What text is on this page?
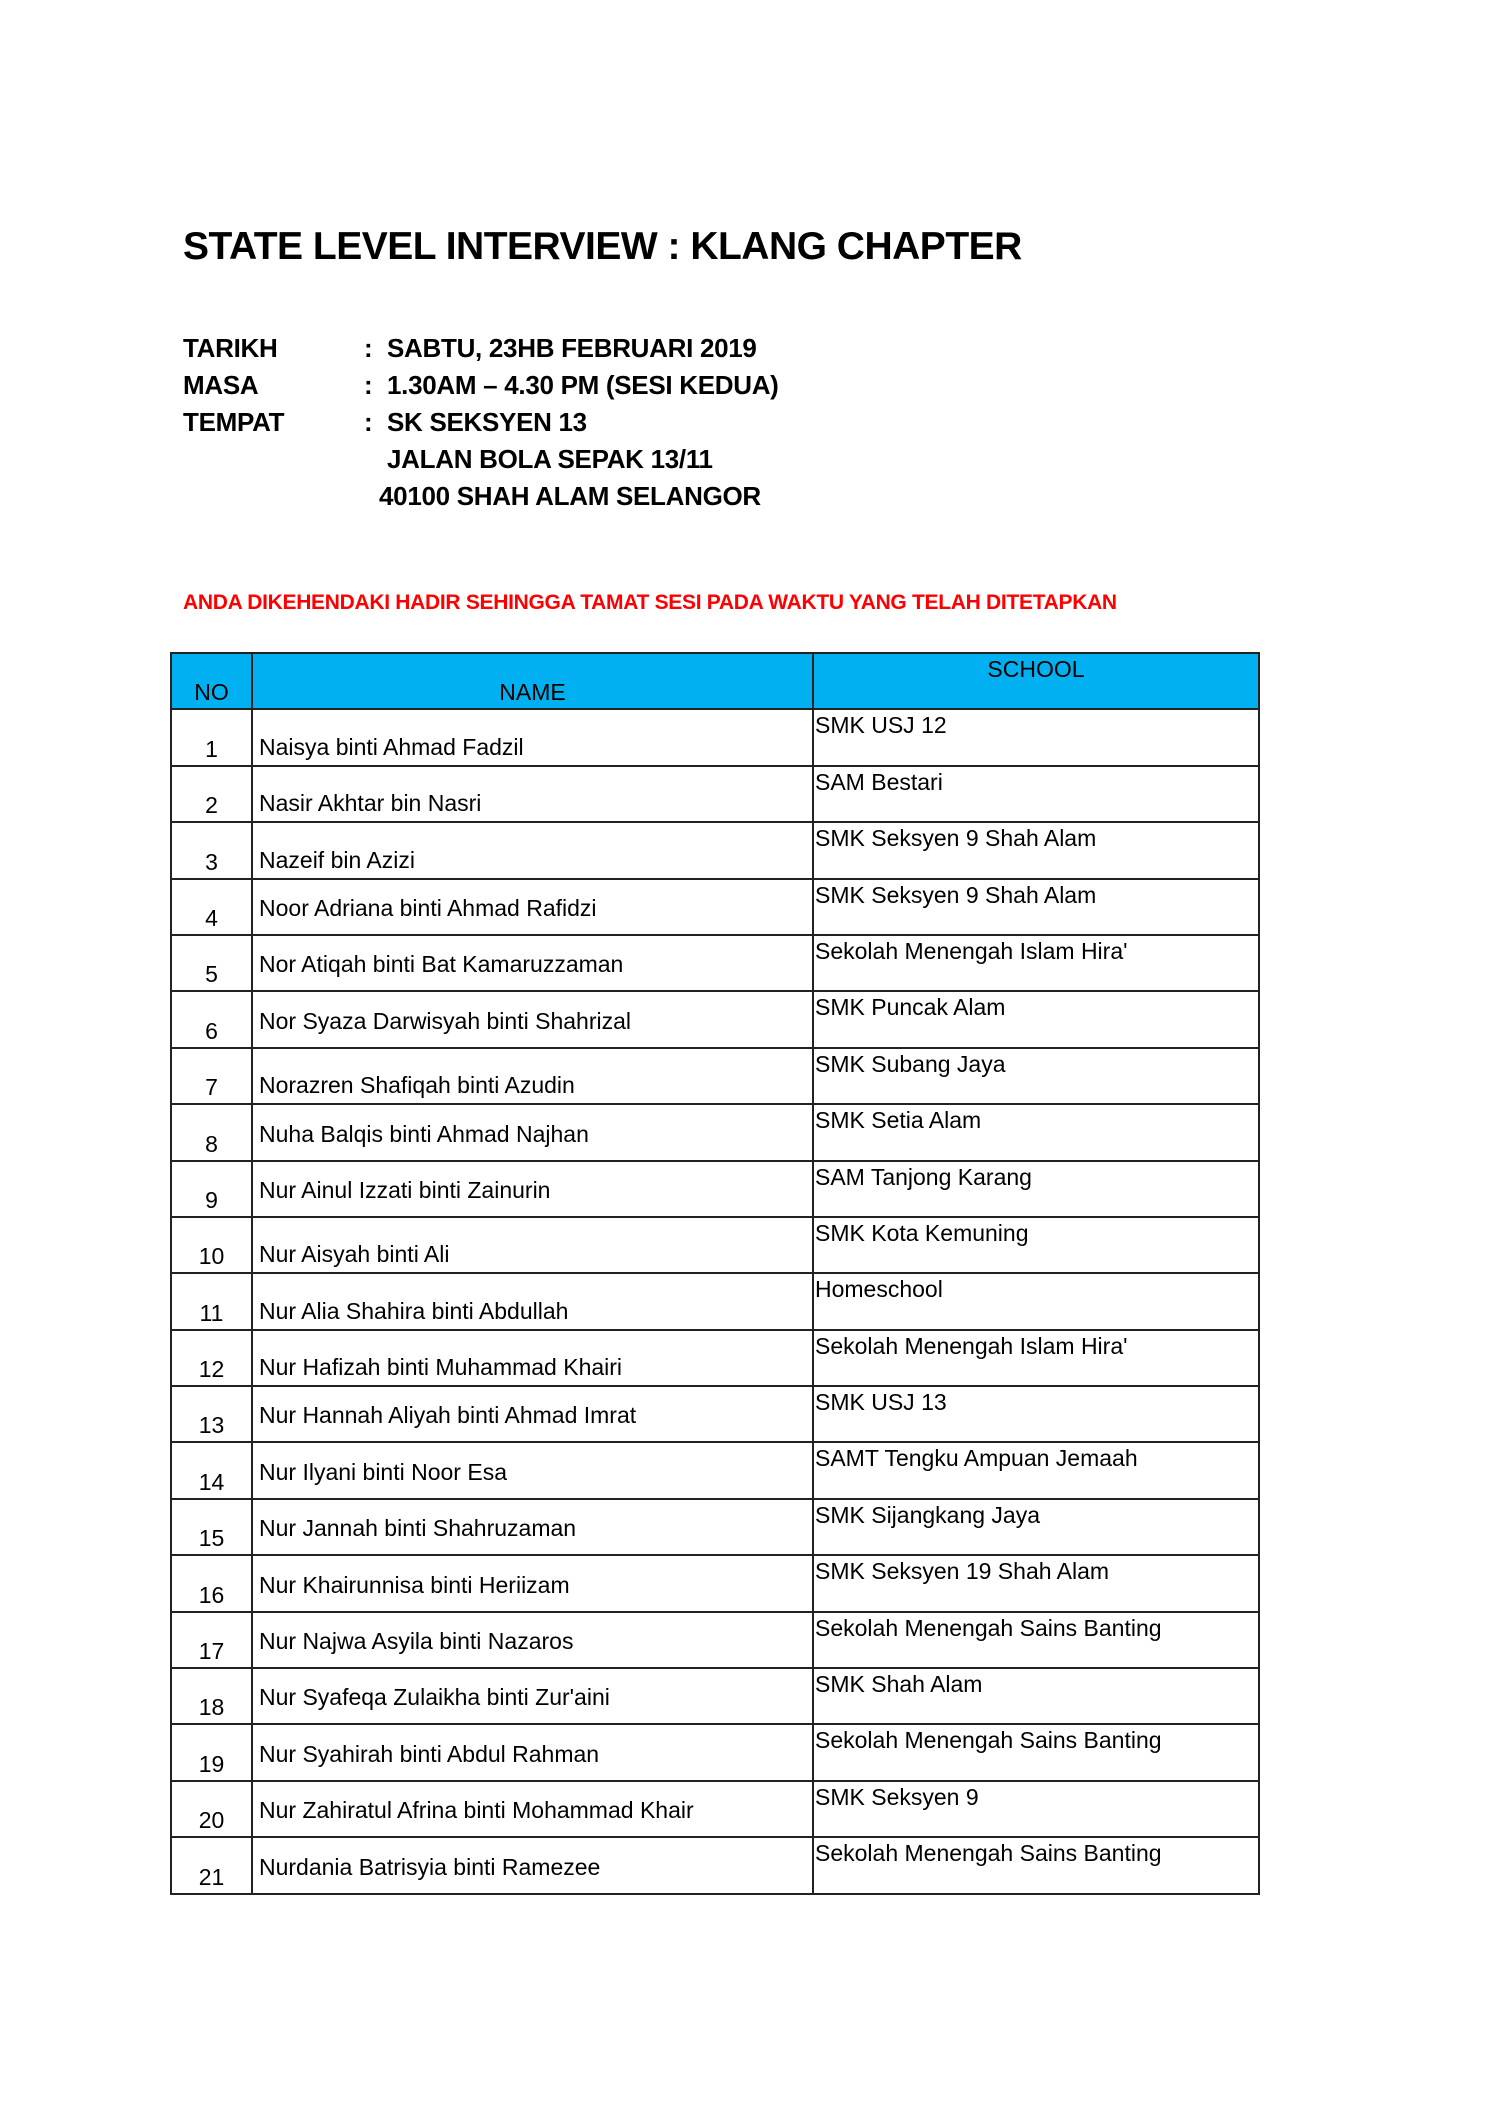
STATE LEVEL INTERVIEW : KLANG CHAPTER
TARIKH	: SABTU, 23HB FEBRUARI 2019
MASA	: 1.30AM – 4.30 PM (SESI KEDUA)
TEMPAT	: SK SEKSYEN 13
JALAN BOLA SEPAK 13/11
40100 SHAH ALAM SELANGOR
ANDA DIKEHENDAKI HADIR SEHINGGA TAMAT SESI PADA WAKTU YANG TELAH DITETAPKAN
NO	NAME	SCHOOL

1	Naisya binti Ahmad Fadzil	SMK USJ 12

2	Nasir Akhtar bin Nasri	SAM Bestari

3	Nazeif bin Azizi	SMK Seksyen 9 Shah Alam

4	Noor Adriana binti Ahmad Rafidzi	SMK Seksyen 9 Shah Alam

5	Nor Atiqah binti Bat Kamaruzzaman	Sekolah Menengah Islam Hira'

6	Nor Syaza Darwisyah binti Shahrizal	SMK Puncak Alam

7	Norazren Shafiqah binti Azudin	SMK Subang Jaya

8	Nuha Balqis binti Ahmad Najhan	SMK Setia Alam

9	Nur Ainul Izzati binti Zainurin	SAM Tanjong Karang

10	Nur Aisyah binti Ali	SMK Kota Kemuning

11	Nur Alia Shahira binti Abdullah	Homeschool

12	Nur Hafizah binti Muhammad Khairi	Sekolah Menengah Islam Hira'

13	Nur Hannah Aliyah binti Ahmad Imrat	SMK USJ 13

14	Nur Ilyani binti Noor Esa	SAMT Tengku Ampuan Jemaah

15	Nur Jannah binti Shahruzaman	SMK Sijangkang Jaya

16	Nur Khairunnisa binti Heriizam	SMK Seksyen 19 Shah Alam

17	Nur Najwa Asyila binti Nazaros	Sekolah Menengah Sains Banting

18	Nur Syafeqa Zulaikha binti Zur'aini	SMK Shah Alam

19	Nur Syahirah binti Abdul Rahman	Sekolah Menengah Sains Banting

20	Nur Zahiratul Afrina binti Mohammad Khair	SMK Seksyen 9

21	Nurdania Batrisyia binti Ramezee	Sekolah Menengah Sains Banting
